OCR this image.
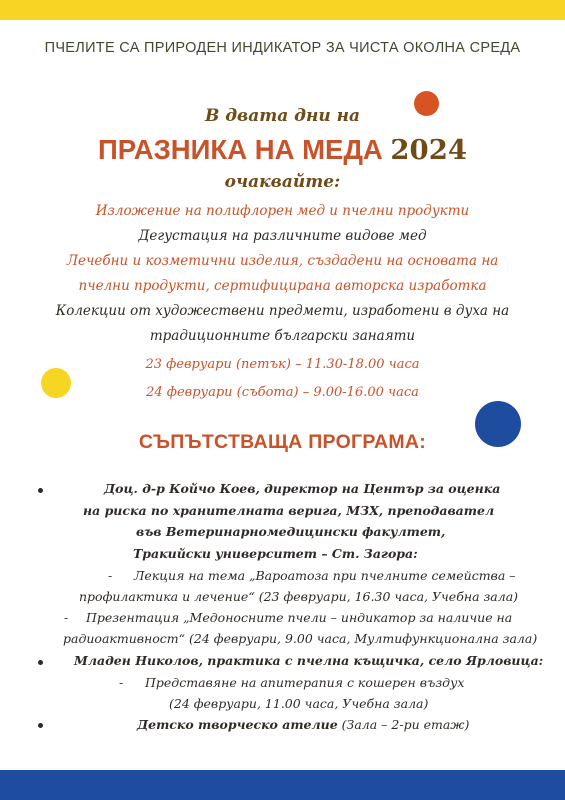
ПЧЕЛИТЕ СА ПРИРОДЕН ИНДИКАТОР ЗА ЧИСТА ОКОЛНА СРЕДА
В двата дни на
ПРАЗНИКА НА МЕДА 2024
очаквайте:
Изложение на полифлорен мед и пчелни продукти
Дегустация на различните видове мед
Лечебни и козметични изделия, създадени на основата на
пчелни продукти, сертифицирана авторска изработка
Колекции от художествени предмети, изработени в духа на
традиционните български занаяти
23 февруари (петък) – 11.30-18.00 часа
24 февруари (събота) – 9.00-16.00 часа
СЪПЪТСТВАЩА ПРОГРАМА:
Доц. д-р Койчо Коев, директор на Център за оценка
на риска по хранителната верига, МЗХ, преподавател
във Ветеринарномедицински факултет,
Тракийски университет – Ст. Загора:
- Лекция на тема „Вароатоза при пчелните семейства –
профилактика и лечение“ (23 февруари, 16.30 часа, Учебна зала)
- Презентация „Медоносните пчели – индикатор за наличие на
радиоактивност“ (24 февруари, 9.00 часа, Мултифункционална зала)
Младен Николов, практика с пчелна къщичка, село Ярловица:
- Представяне на апитерапия с кошерен въздух
(24 февруари, 11.00 часа, Учебна зала)
Детско творческо ателие (Зала – 2-ри етаж)
